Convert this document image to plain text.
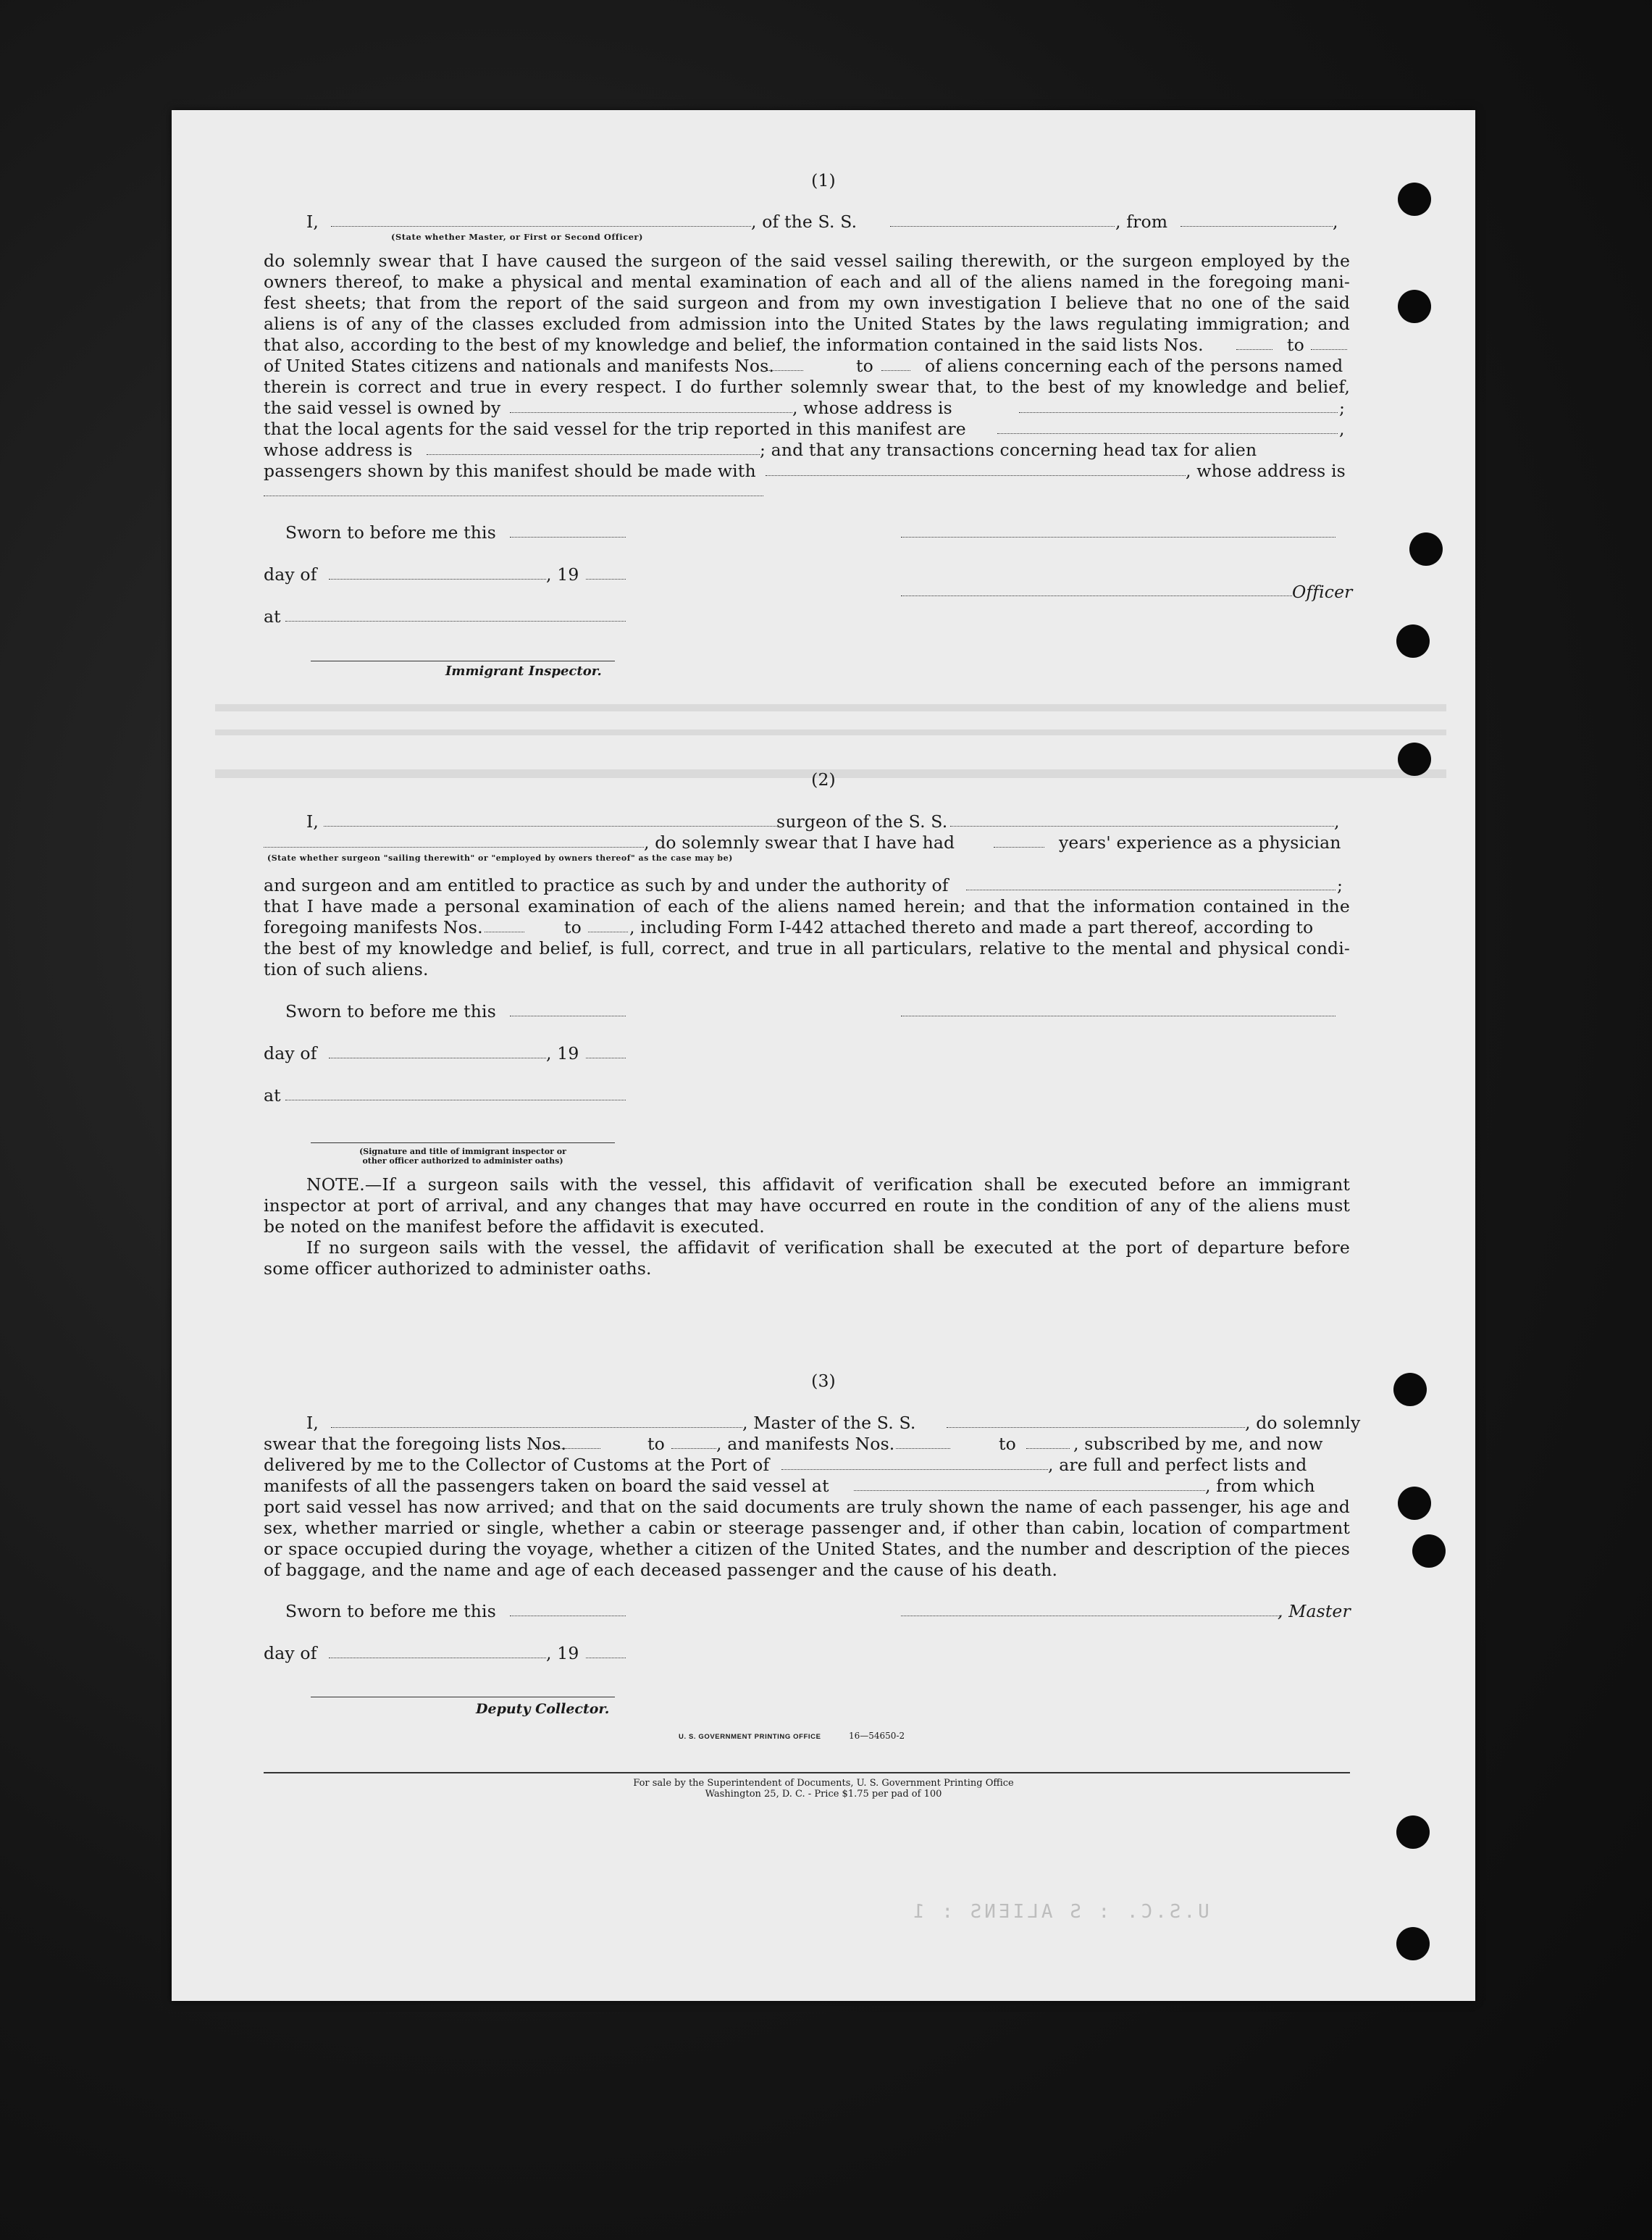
(1)
I,	, of the S. S.	, from	,
(State whether Master, or First or Second Officer)
do solemnly swear that I have caused the surgeon of the said vessel sailing therewith, or the surgeon employed by the
owners thereof, to make a physical and mental examination of each and all of the aliens named in the foregoing mani-
fest sheets; that from the report of the said surgeon and from my own investigation I believe that no one of the said
aliens is of any of the classes excluded from admission into the United States by the laws regulating immigration; and
that also, according to the best of my knowledge and belief, the information contained in the said lists Nos.	to
of United States citizens and nationals and manifests Nos.	to	of aliens concerning each of the persons named
therein is correct and true in every respect. I do further solemnly swear that, to the best of my knowledge and belief,
the said vessel is owned by	, whose address is	;
that the local agents for the said vessel for the trip reported in this manifest are	,
whose address is	; and that any transactions concerning head tax for alien
passengers shown by this manifest should be made with	, whose address is
Sworn to before me this
day of	, 19
Officer
at
Immigrant Inspector.
(2)
I,	surgeon of the S. S.	,
, do solemnly swear that I have had	years' experience as a physician
(State whether surgeon "sailing therewith" or "employed by owners thereof" as the case may be)
and surgeon and am entitled to practice as such by and under the authority of	;
that I have made a personal examination of each of the aliens named herein; and that the information contained in the
foregoing manifests Nos.	to	, including Form I-442 attached thereto and made a part thereof, according to
the best of my knowledge and belief, is full, correct, and true in all particulars, relative to the mental and physical condi-
tion of such aliens.
Sworn to before me this
day of	, 19
at
(Signature and title of immigrant inspector or
other officer authorized to administer oaths)
NOTE.—If a surgeon sails with the vessel, this affidavit of verification shall be executed before an immigrant
inspector at port of arrival, and any changes that may have occurred en route in the condition of any of the aliens must
be noted on the manifest before the affidavit is executed.
If no surgeon sails with the vessel, the affidavit of verification shall be executed at the port of departure before
some officer authorized to administer oaths.
(3)
I,	, Master of the S. S.	, do solemnly
swear that the foregoing lists Nos.	to	, and manifests Nos.	to	, subscribed by me, and now
delivered by me to the Collector of Customs at the Port of	, are full and perfect lists and
manifests of all the passengers taken on board the said vessel at	, from which
port said vessel has now arrived; and that on the said documents are truly shown the name of each passenger, his age and
sex, whether married or single, whether a cabin or steerage passenger and, if other than cabin, location of compartment
or space occupied during the voyage, whether a citizen of the United States, and the number and description of the pieces
of baggage, and the name and age of each deceased passenger and the cause of his death.
Sworn to before me this	, Master
day of	, 19
Deputy Collector.
U. S. GOVERNMENT PRINTING OFFICE	16—54650-2
For sale by the Superintendent of Documents, U. S. Government Printing Office
Washington 25, D. C. - Price $1.75 per pad of 100
U.S.C. : S ALIENS : 1
